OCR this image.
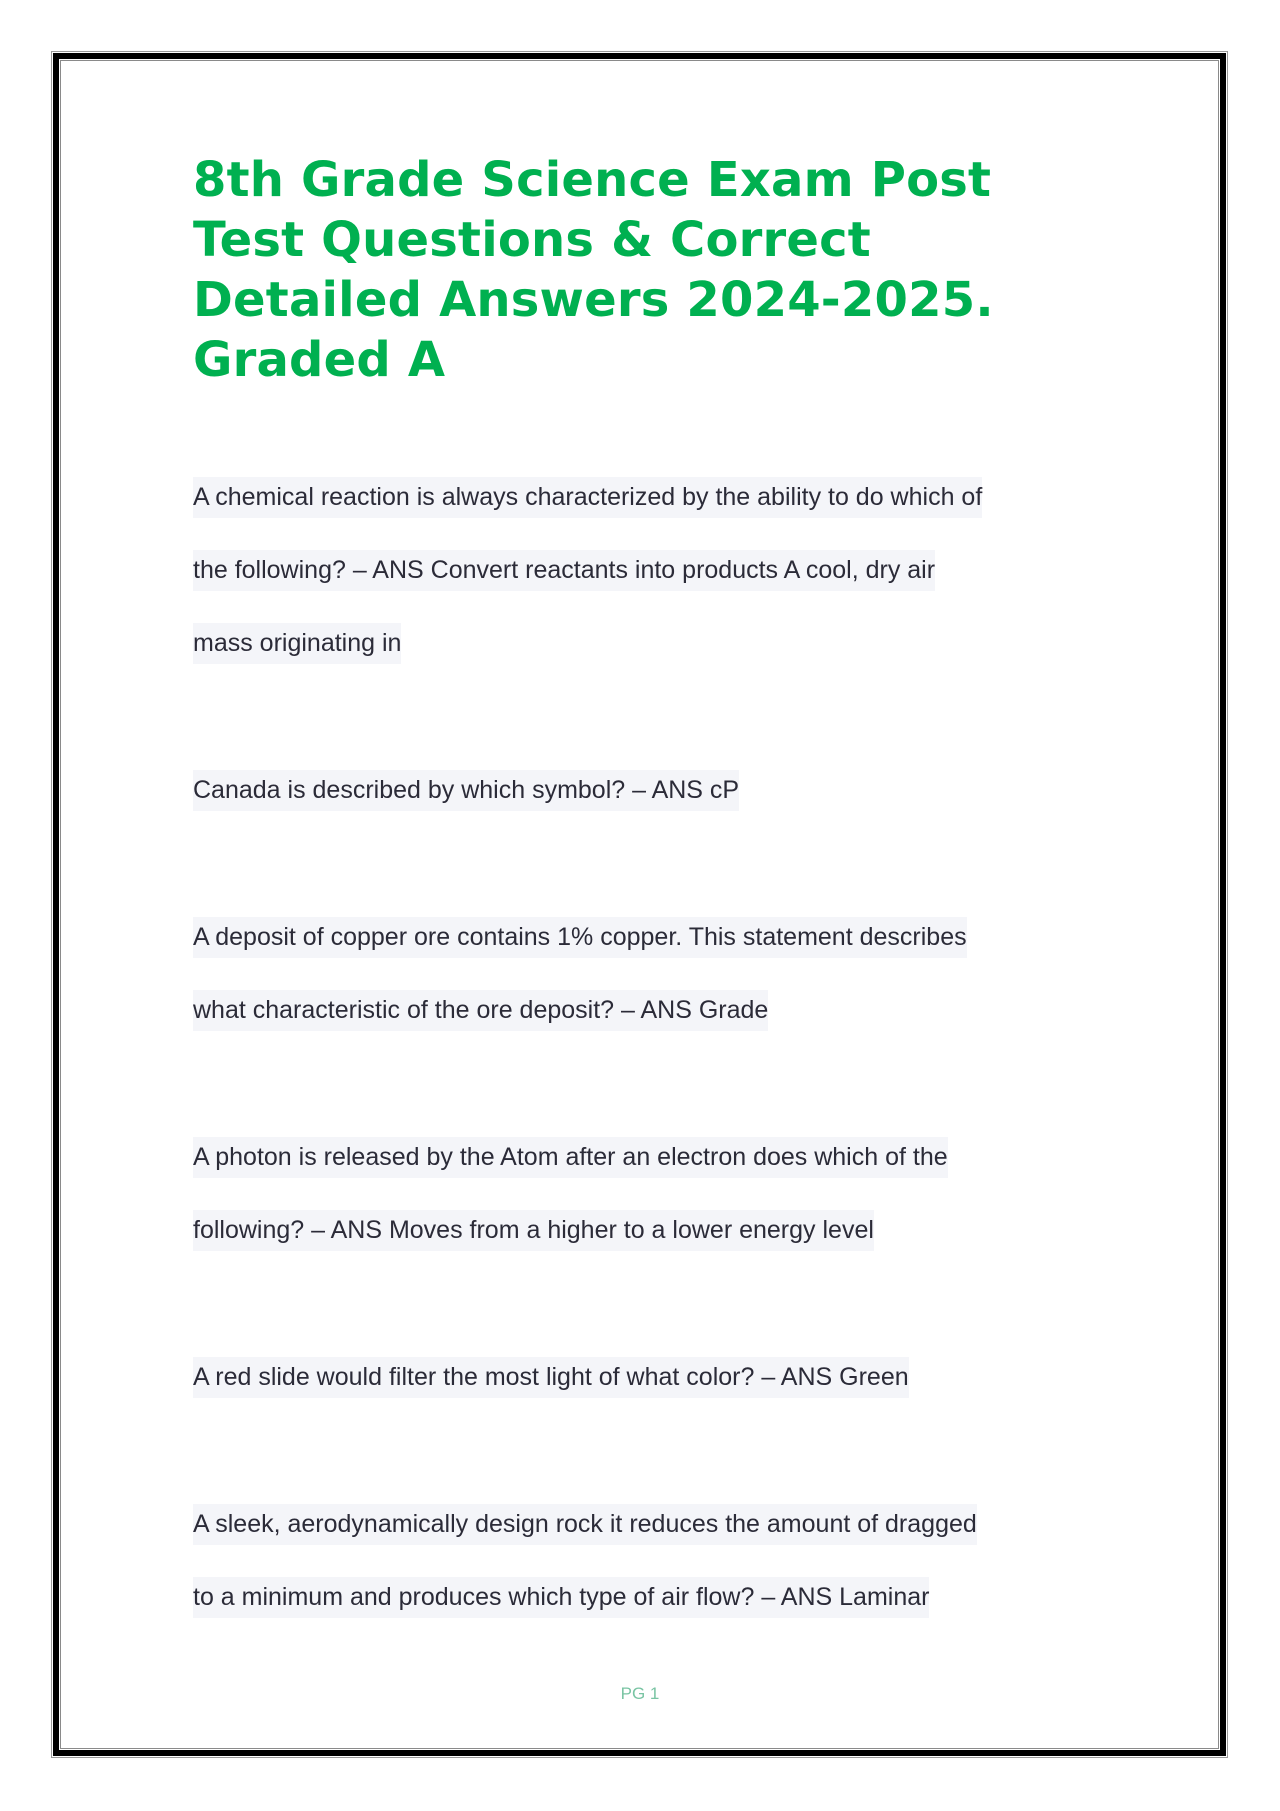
8th Grade Science Exam Post
Test Questions & Correct
Detailed Answers 2024-2025.
Graded A
A chemical reaction is always characterized by the ability to do which of
the following? – ANS Convert reactants into products A cool, dry air
mass originating in
Canada is described by which symbol? – ANS cP
A deposit of copper ore contains 1% copper. This statement describes
what characteristic of the ore deposit? – ANS Grade
A photon is released by the Atom after an electron does which of the
following? – ANS Moves from a higher to a lower energy level
A red slide would filter the most light of what color? – ANS Green
A sleek, aerodynamically design rock it reduces the amount of dragged
to a minimum and produces which type of air flow? – ANS Laminar
PG 1
